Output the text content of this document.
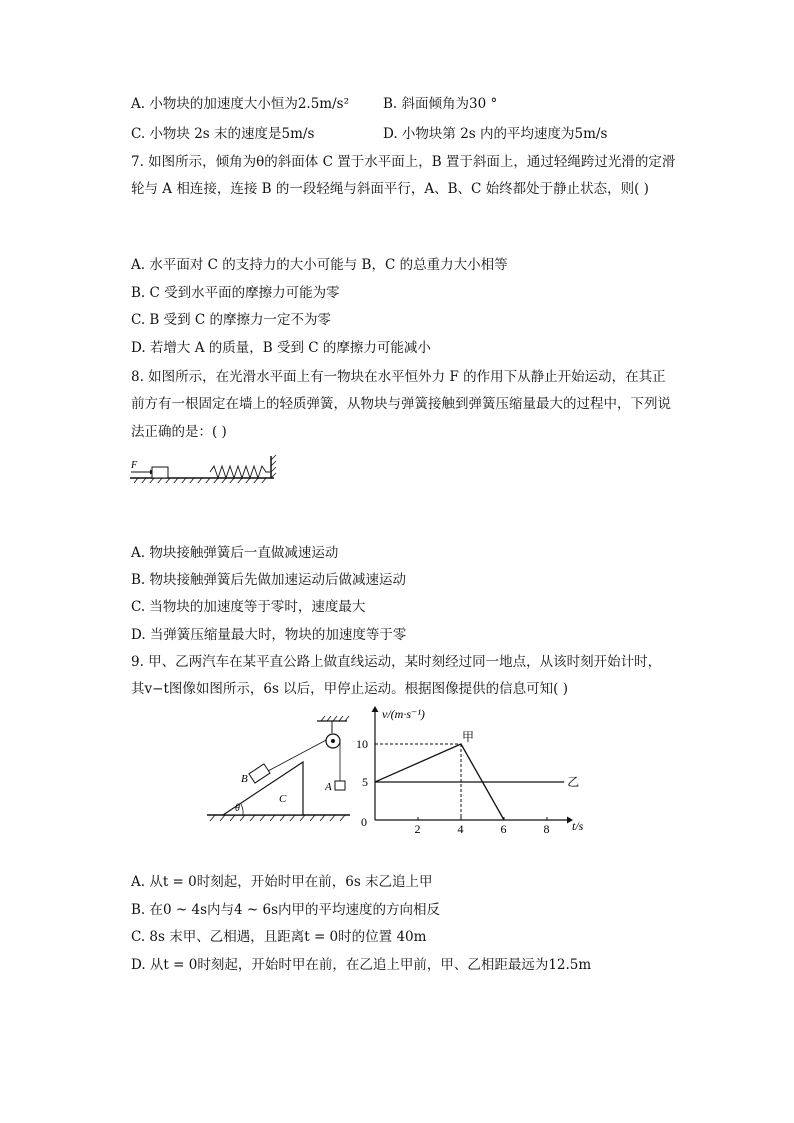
A. 小物块的加速度大小恒为2.5m/s²	B. 斜面倾角为30 °
C. 小物块 2s 末的速度是5m/s	D. 小物块第 2s 内的平均速度为5m/s
7. 如图所示，倾角为θ的斜面体 C 置于水平面上，B 置于斜面上，通过轻绳跨过光滑的定滑
轮与 A 相连接，连接 B 的一段轻绳与斜面平行，A、B、C 始终都处于静止状态，则( )
A. 水平面对 C 的支持力的大小可能与 B，C 的总重力大小相等
B. C 受到水平面的摩擦力可能为零
C. B 受到 C 的摩擦力一定不为零
D. 若增大 A 的质量，B 受到 C 的摩擦力可能减小
8. 如图所示，在光滑水平面上有一物块在水平恒外力 F 的作用下从静止开始运动，在其正
前方有一根固定在墙上的轻质弹簧，从物块与弹簧接触到弹簧压缩量最大的过程中，下列说
法正确的是：( )
F
A. 物块接触弹簧后一直做减速运动
B. 物块接触弹簧后先做加速运动后做减速运动
C. 当物块的加速度等于零时，速度最大
D. 当弹簧压缩量最大时，物块的加速度等于零
9. 甲、乙两汽车在某平直公路上做直线运动，某时刻经过同一地点，从该时刻开始计时，
其v−t图像如图所示，6s 以后，甲停止运动。根据图像提供的信息可知( )
θ
C
B
A
v/(m·s⁻¹)
t/s
0	2	4	6	8
5
10	甲
乙
A. 从t = 0时刻起，开始时甲在前，6s 末乙追上甲
B. 在0 ~ 4s内与4 ~ 6s内甲的平均速度的方向相反
C. 8s 末甲、乙相遇，且距离t = 0时的位置 40m
D. 从t = 0时刻起，开始时甲在前，在乙追上甲前，甲、乙相距最远为12.5m
